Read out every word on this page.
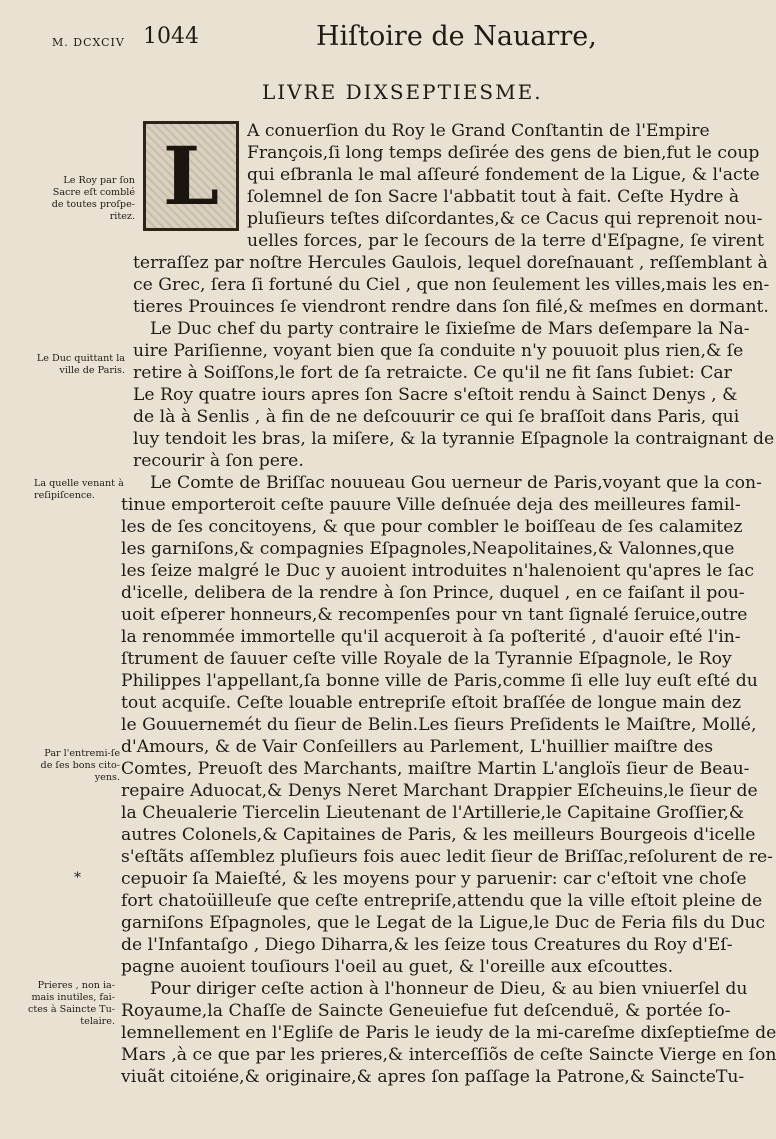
M. DCXCIV 1044	Hiſtoire de Nauarre,
LIVRE DIXSEPTIESME.
L
Le Roy par ſon Sacre eſt comblé de toutes proſpe-ritez.
Le Duc quittant la ville de Paris.
La quelle venant à reſipiſcence.
Par l'entremi-ſe de ſes bons cito-yens.
Prieres , non ia-mais inutiles, fai-ctes à Saincte Tu-telaire.
*
A conuerſion du Roy le Grand Conſtantin de l'Empire
François,ſi long temps deſirée des gens de bien,fut le coup
qui eſbranla le mal aſſeuré fondement de la Ligue, & l'acte
ſolemnel de ſon Sacre l'abbatit tout à fait. Ceſte Hydre à
pluſieurs teſtes diſcordantes,& ce Cacus qui reprenoit nou-
uelles forces, par le ſecours de la terre d'Eſpagne, ſe virent
terraſſez par noſtre Hercules Gaulois, lequel doreſnauant , reſſemblant à
ce Grec, ſera ſi fortuné du Ciel , que non ſeulement les villes,mais les en-
tieres Prouinces ſe viendront rendre dans ſon filé,& meſmes en dormant.
Le Duc chef du party contraire le ſixieſme de Mars deſempare la Na-
uire Pariſienne, voyant bien que ſa conduite n'y pouuoit plus rien,& ſe
retire à Soiſſons,le fort de ſa retraicte. Ce qu'il ne fit ſans ſubiet: Car
Le Roy quatre iours apres ſon Sacre s'eſtoit rendu à Sainct Denys , &
de là à Senlis , à fin de ne deſcouurir ce qui ſe braſſoit dans Paris, qui
luy tendoit les bras, la miſere, & la tyrannie Eſpagnole la contraignant de
recourir à ſon pere.
Le Comte de Briſſac nouueau Gou uerneur de Paris,voyant que la con-
tinue emporteroit ceſte pauure Ville deſnuée deja des meilleures famil-
les de ſes concitoyens, & que pour combler le boiſſeau de ſes calamitez
les garniſons,& compagnies Eſpagnoles,Neapolitaines,& Valonnes,que
les ſeize malgré le Duc y auoient introduites n'halenoient qu'apres le ſac
d'icelle, delibera de la rendre à ſon Prince, duquel , en ce faiſant il pou-
uoit eſperer honneurs,& recompenſes pour vn tant ſignalé ſeruice,outre
la renommée immortelle qu'il acqueroit à ſa poſterité , d'auoir eſté l'in-
ſtrument de ſauuer ceſte ville Royale de la Tyrannie Eſpagnole, le Roy
Philippes l'appellant,ſa bonne ville de Paris,comme ſi elle luy euſt eſté du
tout acquiſe. Ceſte louable entrepriſe eſtoit braſſée de longue main dez
le Gouuernemét du ſieur de Belin.Les ſieurs Preſidents le Maiſtre, Mollé,
d'Amours, & de Vair Conſeillers au Parlement, L'huillier maiſtre des
Comtes, Preuoſt des Marchants, maiſtre Martin L'angloïs ſieur de Beau-
repaire Aduocat,& Denys Neret Marchant Drappier Eſcheuins,le ſieur de
la Cheualerie Tiercelin Lieutenant de l'Artillerie,le Capitaine Groſſier,&
autres Colonels,& Capitaines de Paris, & les meilleurs Bourgeois d'icelle
s'eſtãts aſſemblez pluſieurs fois auec ledit ſieur de Briſſac,reſolurent de re-
cepuoir ſa Maieſté, & les moyens pour y paruenir: car c'eſtoit vne choſe
fort chatoüilleuſe que ceſte entrepriſe,attendu que la ville eſtoit pleine de
garniſons Eſpagnoles, que le Legat de la Ligue,le Duc de Feria fils du Duc
de l'Infantaſgo , Diego Diharra,& les ſeize tous Creatures du Roy d'Eſ-
pagne auoient touſiours l'oeil au guet, & l'oreille aux eſcouttes.
Pour diriger ceſte action à l'honneur de Dieu, & au bien vniuerſel du
Royaume,la Chaſſe de Saincte Geneuiefue fut deſcenduë, & portée ſo-
lemnellement en l'Egliſe de Paris le ieudy de la mi-careſme dixſeptieſme de
Mars ,à ce que par les prieres,& interceſſiõs de ceſte Saincte Vierge en ſon
viuãt citoiéne,& originaire,& apres ſon paſſage la Patrone,& SaincteTu-
